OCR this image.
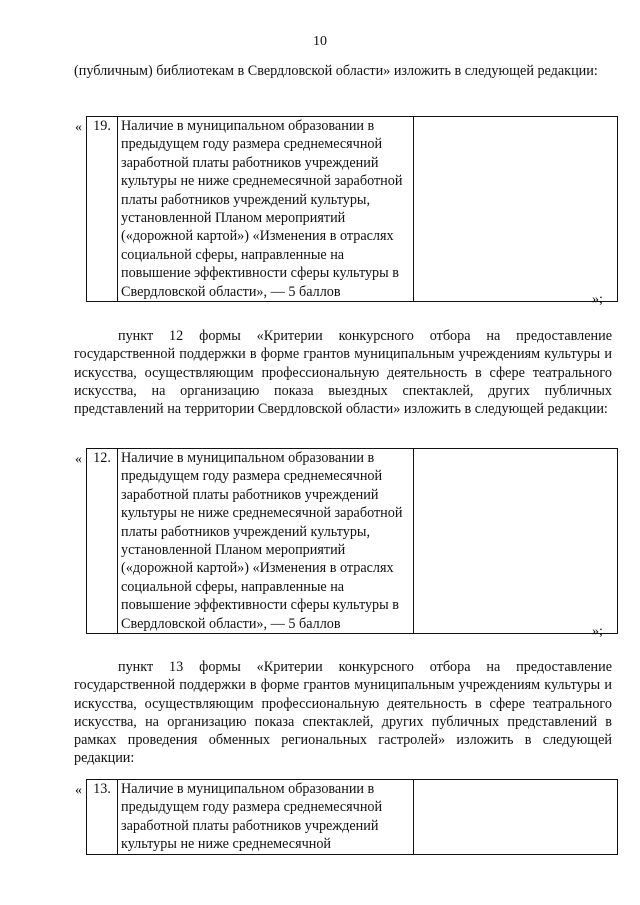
10

(публичным) библиотекам в Свердловской области» изложить в следующей редакции:

« 19.	Наличие в муниципальном образовании в предыдущем году размера среднемесячной заработной платы работников учреждений культуры не ниже среднемесячной заработной платы работников учреждений культуры, установленной Планом мероприятий («дорожной картой») «Изменения в отраслях социальной сферы, направленные на повышение эффективности сферы культуры в Свердловской области», — 5 баллов		»;

пункт 12 формы «Критерии конкурсного отбора на предоставление государственной поддержки в форме грантов муниципальным учреждениям культуры и искусства, осуществляющим профессиональную деятельность в сфере театрального искусства, на организацию показа выездных спектаклей, других публичных представлений на территории Свердловской области» изложить в следующей редакции:

« 12.	Наличие в муниципальном образовании в предыдущем году размера среднемесячной заработной платы работников учреждений культуры не ниже среднемесячной заработной платы работников учреждений культуры, установленной Планом мероприятий («дорожной картой») «Изменения в отраслях социальной сферы, направленные на повышение эффективности сферы культуры в Свердловской области», — 5 баллов		»;

пункт 13 формы «Критерии конкурсного отбора на предоставление государственной поддержки в форме грантов муниципальным учреждениям культуры и искусства, осуществляющим профессиональную деятельность в сфере театрального искусства, на организацию показа спектаклей, других публичных представлений в рамках проведения обменных региональных гастролей» изложить в следующей редакции:

« 13.	Наличие в муниципальном образовании в предыдущем году размера среднемесячной заработной платы работников учреждений культуры не ниже среднемесячной	
